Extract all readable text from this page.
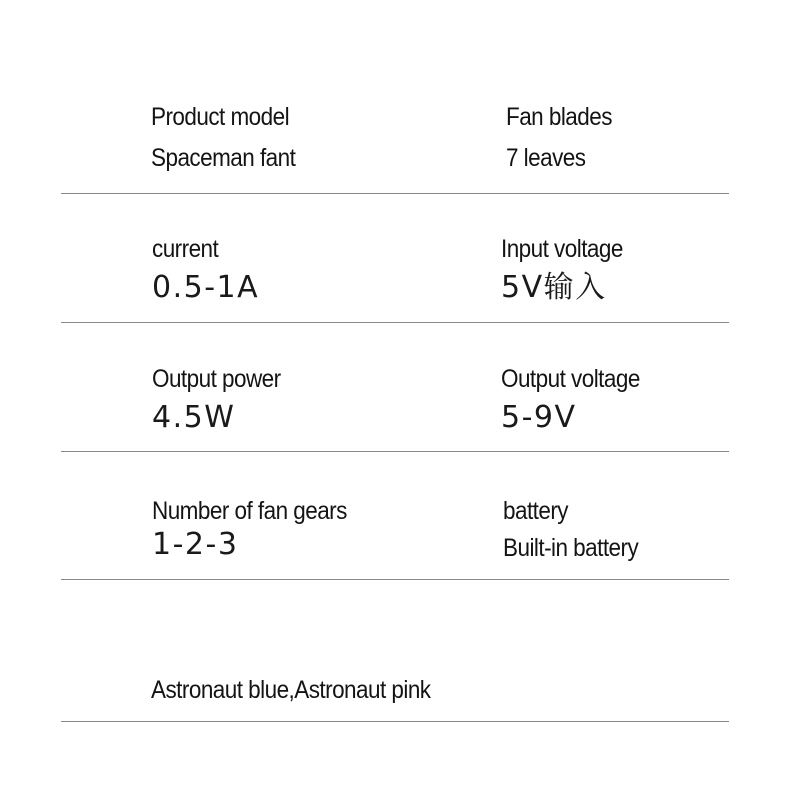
Product model
Spaceman fant
Fan blades
7 leaves
current
0.5-1A
Input voltage
5V输入
Output power
4.5W
Output voltage
5-9V
Number of fan gears
1-2-3
battery
Built-in battery
Astronaut blue,Astronaut pink
